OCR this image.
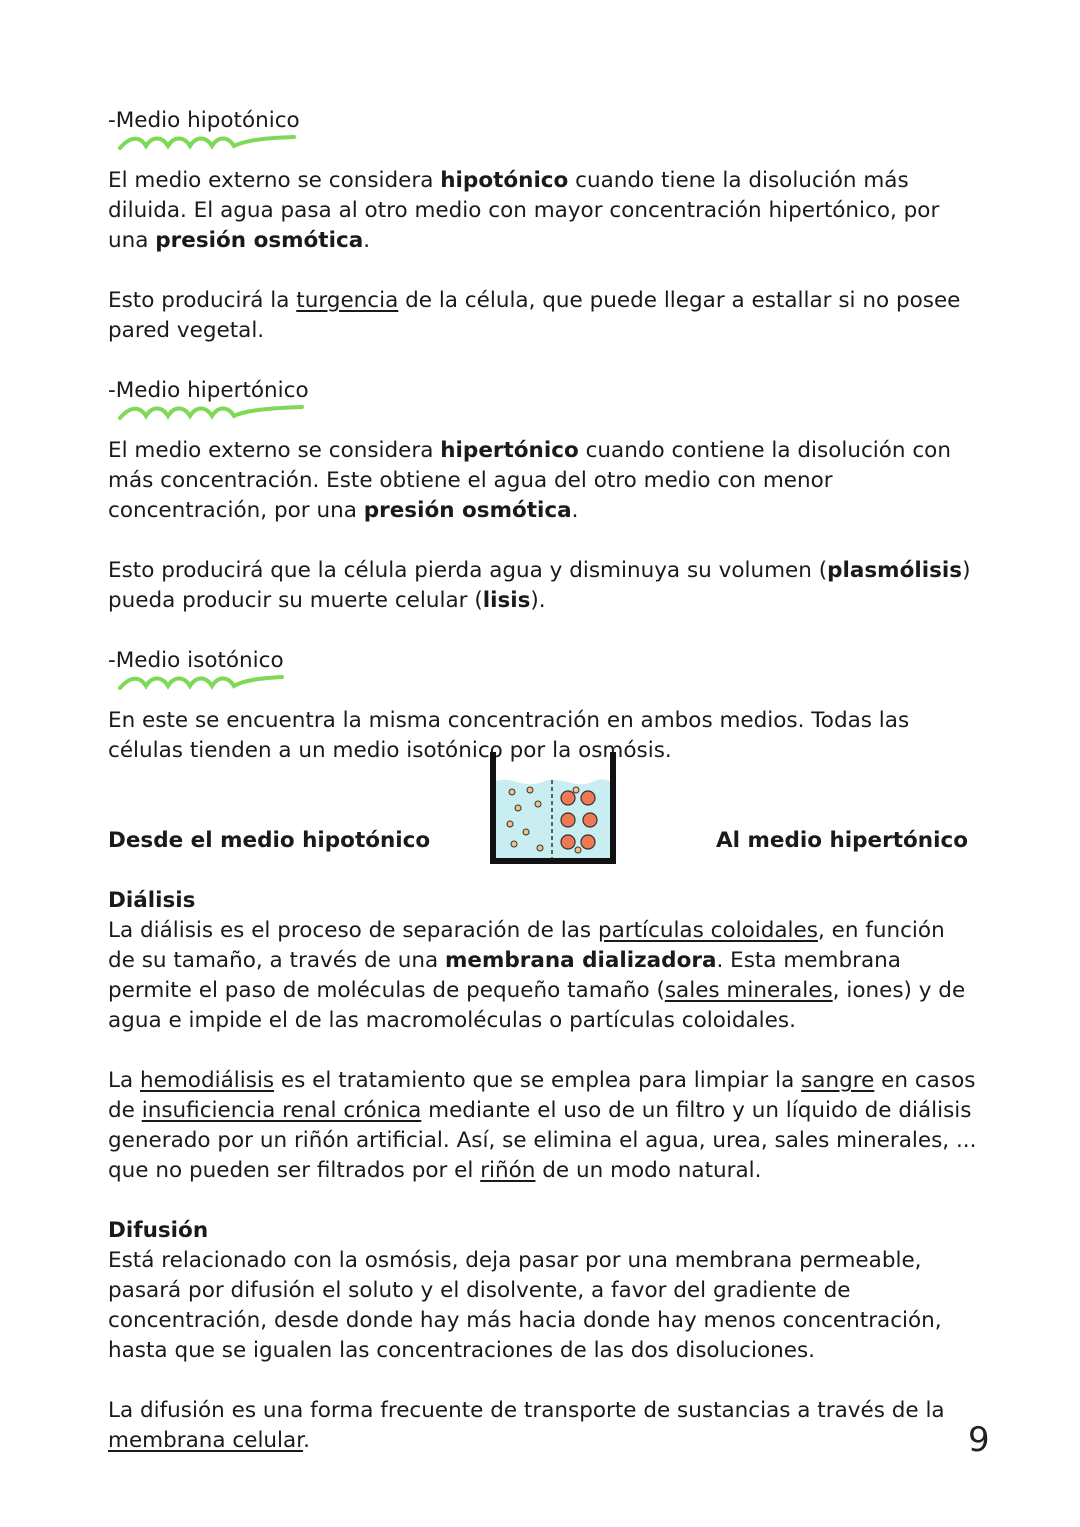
-Medio hipotónico

El medio externo se considera hipotónico cuando tiene la disolución más diluida. El agua pasa al otro medio con mayor concentración hipertónico, por una presión osmótica.

Esto producirá la turgencia de la célula, que puede llegar a estallar si no posee pared vegetal.

-Medio hipertónico

El medio externo se considera hipertónico cuando contiene la disolución con más concentración. Este obtiene el agua del otro medio con menor concentración, por una presión osmótica.

Esto producirá que la célula pierda agua y disminuya su volumen (plasmólisis) pueda producir su muerte celular (lisis).

-Medio isotónico

En este se encuentra la misma concentración en ambos medios. Todas las células tienden a un medio isotónico por la osmósis.

Desde el medio hipotónico	Al medio hipertónico

Diálisis

La diálisis es el proceso de separación de las partículas coloidales, en función de su tamaño, a través de una membrana dializadora. Esta membrana permite el paso de moléculas de pequeño tamaño (sales minerales, iones) y de agua e impide el de las macromoléculas o partículas coloidales.

La hemodiálisis es el tratamiento que se emplea para limpiar la sangre en casos de insuficiencia renal crónica mediante el uso de un filtro y un líquido de diálisis generado por un riñón artificial. Así, se elimina el agua, urea, sales minerales, ... que no pueden ser filtrados por el riñón de un modo natural.

Difusión

Está relacionado con la osmósis, deja pasar por una membrana permeable, pasará por difusión el soluto y el disolvente, a favor del gradiente de concentración, desde donde hay más hacia donde hay menos concentración, hasta que se igualen las concentraciones de las dos disoluciones.

La difusión es una forma frecuente de transporte de sustancias a través de la membrana celular.	9
